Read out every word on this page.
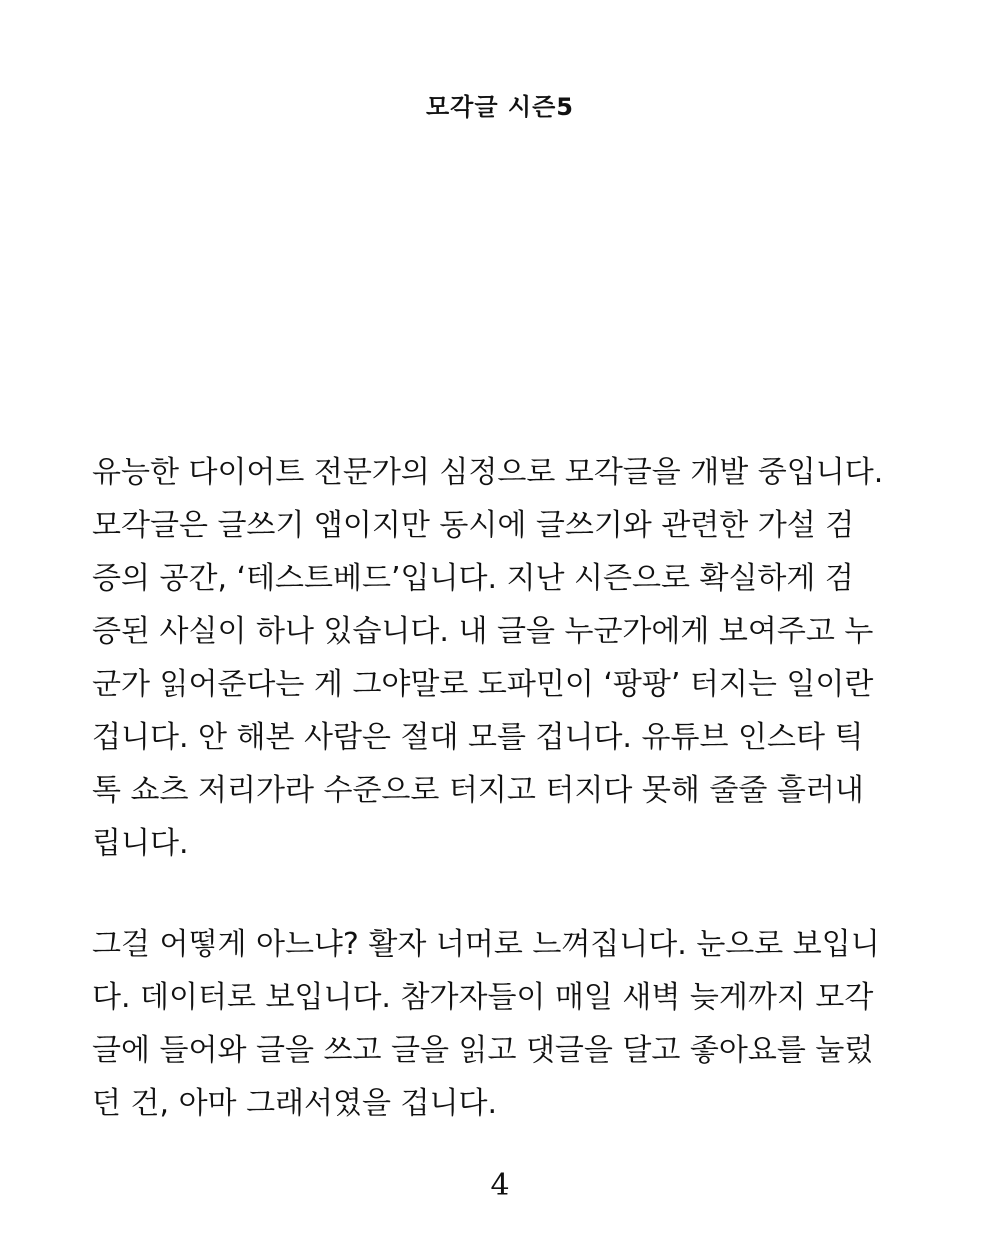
모각글 시즌5
유능한 다이어트 전문가의 심정으로 모각글을 개발 중입니다.
모각글은 글쓰기 앱이지만 동시에 글쓰기와 관련한 가설 검
증의 공간, ‘테스트베드’입니다. 지난 시즌으로 확실하게 검
증된 사실이 하나 있습니다. 내 글을 누군가에게 보여주고 누
군가 읽어준다는 게 그야말로 도파민이 ‘팡팡’ 터지는 일이란
겁니다. 안 해본 사람은 절대 모를 겁니다. 유튜브 인스타 틱
톡 쇼츠 저리가라 수준으로 터지고 터지다 못해 줄줄 흘러내
립니다.
그걸 어떻게 아느냐? 활자 너머로 느껴집니다. 눈으로 보입니
다. 데이터로 보입니다. 참가자들이 매일 새벽 늦게까지 모각
글에 들어와 글을 쓰고 글을 읽고 댓글을 달고 좋아요를 눌렀
던 건, 아마 그래서였을 겁니다.
4
